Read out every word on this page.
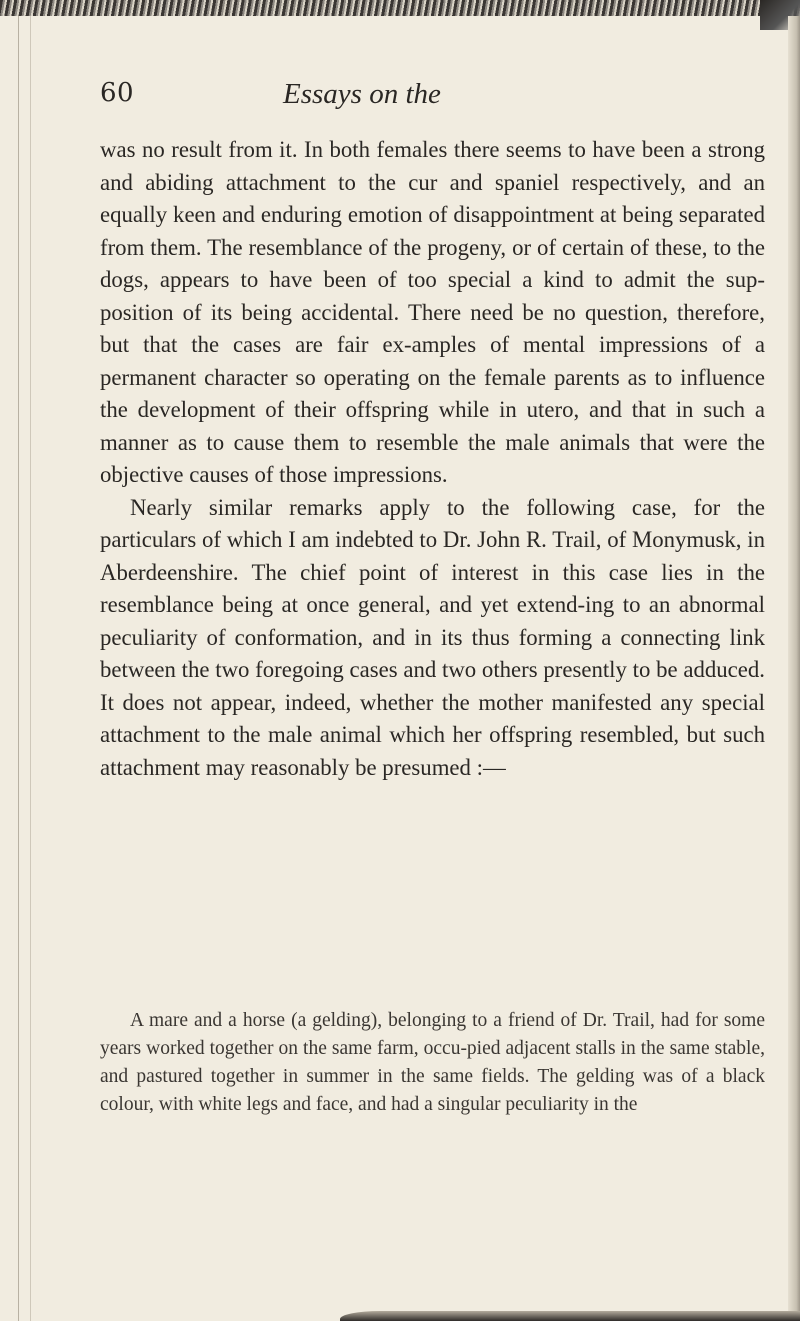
60	Essays on the

was no result from it. In both females there seems to have been a strong and abiding attachment to the cur and spaniel respectively, and an equally keen and enduring emotion of disappointment at being separated from them. The resemblance of the progeny, or of certain of these, to the dogs, appears to have been of too special a kind to admit the sup-position of its being accidental. There need be no question, therefore, but that the cases are fair ex-amples of mental impressions of a permanent character so operating on the female parents as to influence the development of their offspring while in utero, and that in such a manner as to cause them to resemble the male animals that were the objective causes of those impressions.

Nearly similar remarks apply to the following case, for the particulars of which I am indebted to Dr. John R. Trail, of Monymusk, in Aberdeenshire. The chief point of interest in this case lies in the resemblance being at once general, and yet extend-ing to an abnormal peculiarity of conformation, and in its thus forming a connecting link between the two foregoing cases and two others presently to be adduced. It does not appear, indeed, whether the mother manifested any special attachment to the male animal which her offspring resembled, but such attachment may reasonably be presumed :—

A mare and a horse (a gelding), belonging to a friend of Dr. Trail, had for some years worked together on the same farm, occu-pied adjacent stalls in the same stable, and pastured together in summer in the same fields. The gelding was of a black colour, with white legs and face, and had a singular peculiarity in the
